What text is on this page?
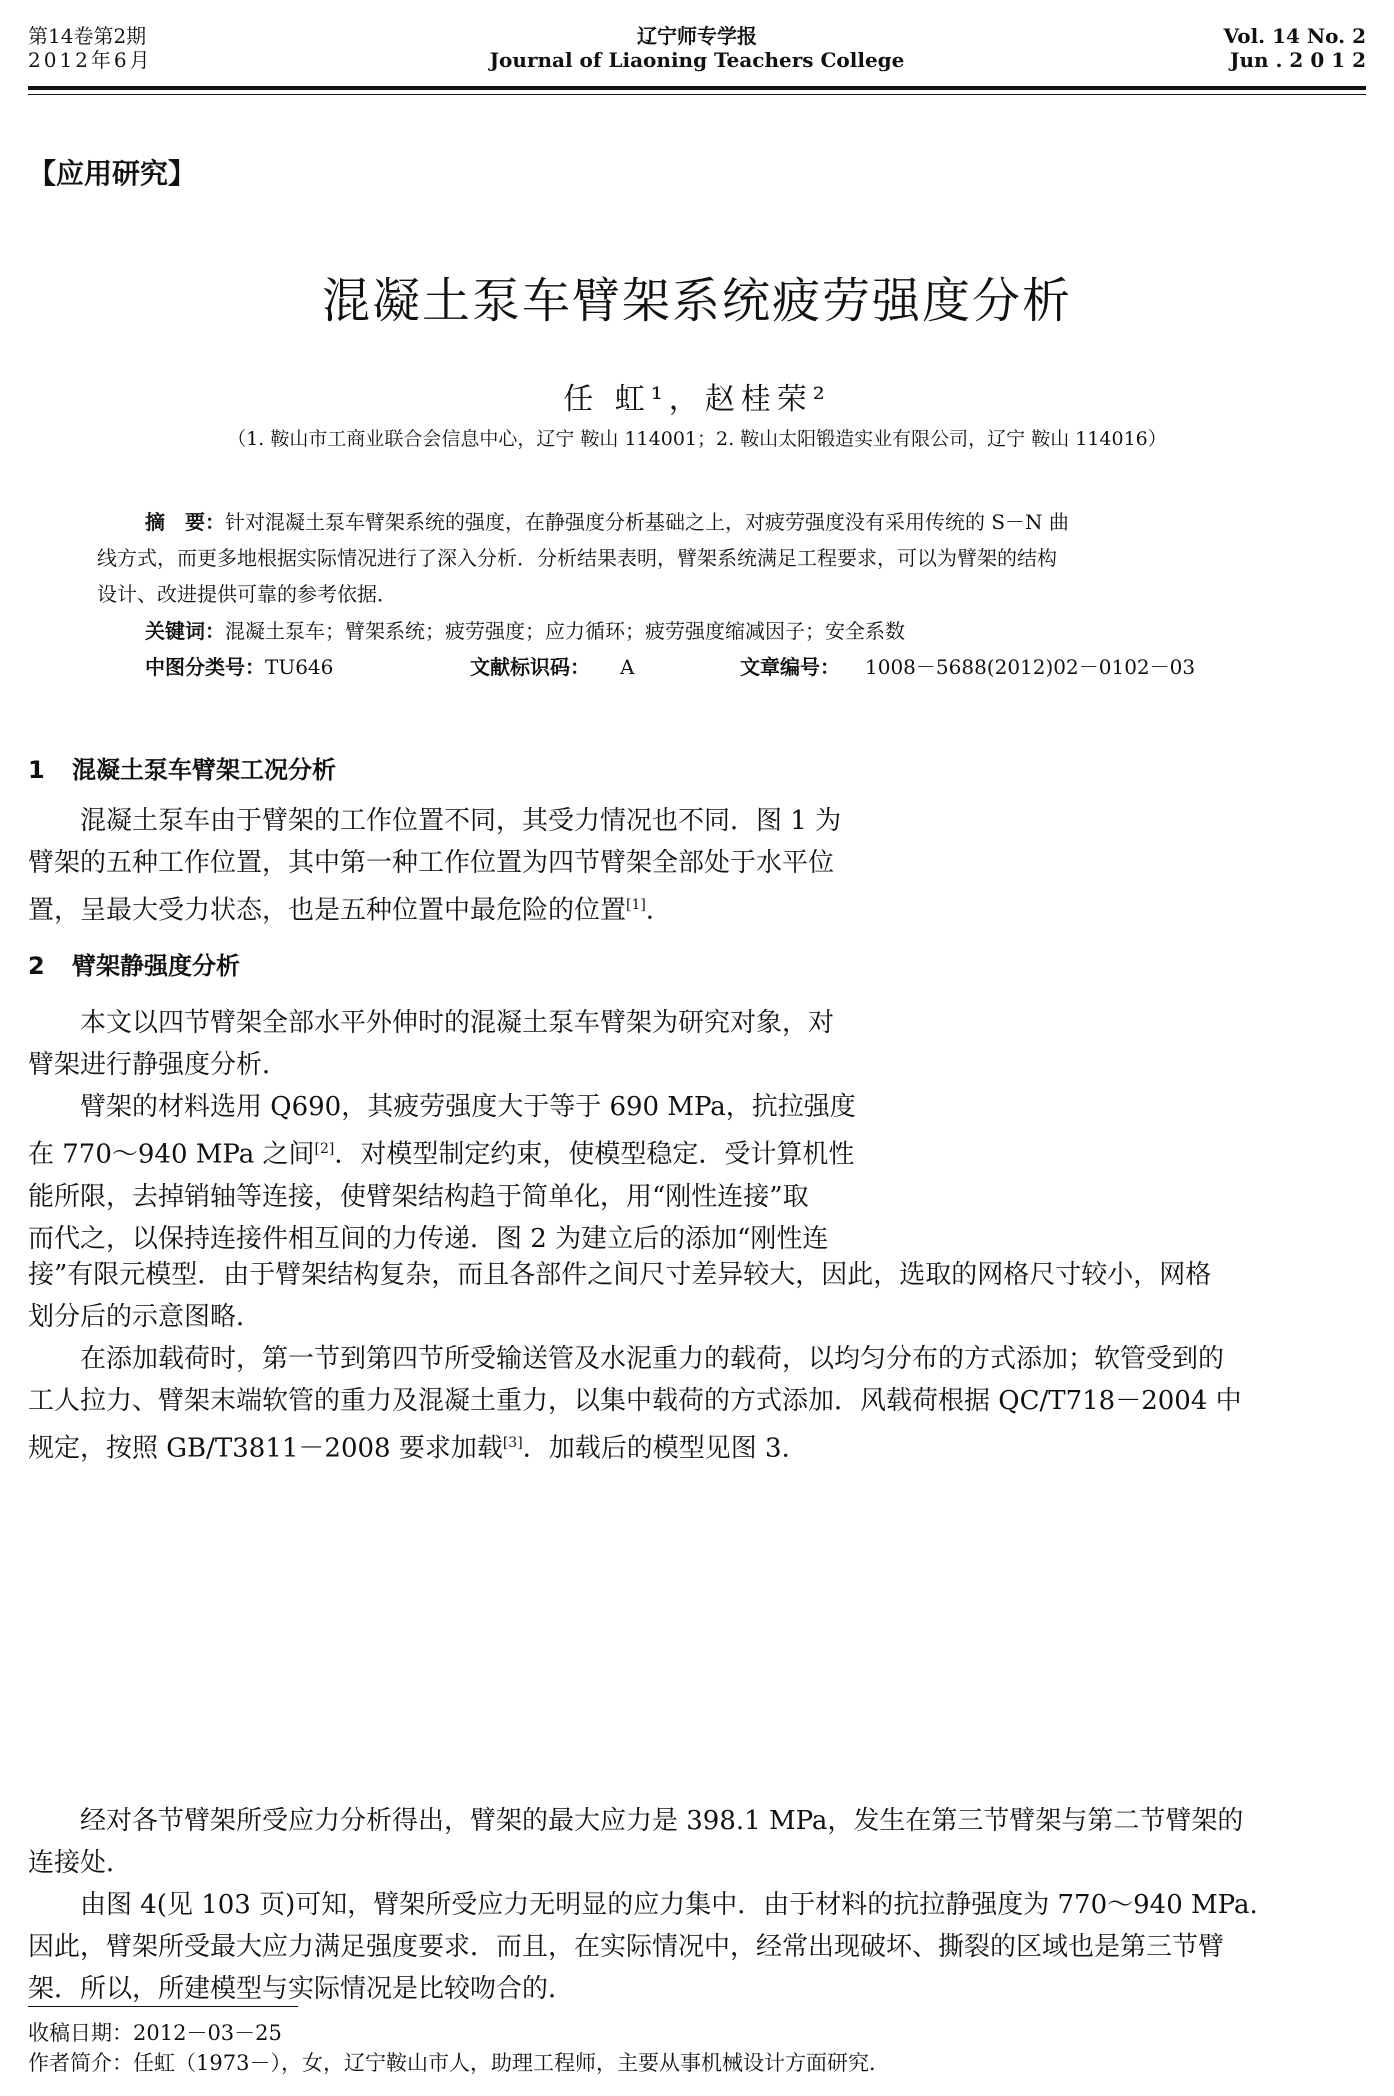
第14卷第2期
2012年6月
辽宁师专学报
Journal of Liaoning Teachers College
Vol. 14 No. 2
Jun . 2 0 1 2
【应用研究】
混凝土泵车臂架系统疲劳强度分析
任 虹¹，赵桂荣²
（1. 鞍山市工商业联合会信息中心，辽宁 鞍山 114001；2. 鞍山太阳锻造实业有限公司，辽宁 鞍山 114016）
摘　要：针对混凝土泵车臂架系统的强度，在静强度分析基础之上，对疲劳强度没有采用传统的 S－N 曲
线方式，而更多地根据实际情况进行了深入分析．分析结果表明，臂架系统满足工程要求，可以为臂架的结构
设计、改进提供可靠的参考依据．
关键词：混凝土泵车；臂架系统；疲劳强度；应力循环；疲劳强度缩减因子；安全系数
中图分类号：TU646	文献标识码： A	文章编号： 1008－5688(2012)02－0102－03
1 混凝土泵车臂架工况分析
混凝土泵车由于臂架的工作位置不同，其受力情况也不同．图 1 为
臂架的五种工作位置，其中第一种工作位置为四节臂架全部处于水平位
置，呈最大受力状态，也是五种位置中最危险的位置[1]．
2 臂架静强度分析
本文以四节臂架全部水平外伸时的混凝土泵车臂架为研究对象，对
臂架进行静强度分析．
臂架的材料选用 Q690，其疲劳强度大于等于 690 MPa，抗拉强度
在 770～940 MPa 之间[2]．对模型制定约束，使模型稳定．受计算机性
能所限，去掉销轴等连接，使臂架结构趋于简单化，用“刚性连接”取
而代之，以保持连接件相互间的力传递．图 2 为建立后的添加“刚性连
接”有限元模型．由于臂架结构复杂，而且各部件之间尺寸差异较大，因此，选取的网格尺寸较小，网格
划分后的示意图略．
在添加载荷时，第一节到第四节所受输送管及水泥重力的载荷，以均匀分布的方式添加；软管受到的
工人拉力、臂架末端软管的重力及混凝土重力，以集中载荷的方式添加．风载荷根据 QC/T718－2004 中
规定，按照 GB/T3811－2008 要求加载[3]．加载后的模型见图 3.
经对各节臂架所受应力分析得出，臂架的最大应力是 398.1 MPa，发生在第三节臂架与第二节臂架的
连接处．
由图 4(见 103 页)可知，臂架所受应力无明显的应力集中．由于材料的抗拉静强度为 770～940 MPa.
因此，臂架所受最大应力满足强度要求．而且，在实际情况中，经常出现破坏、撕裂的区域也是第三节臂
架．所以，所建模型与实际情况是比较吻合的．
收稿日期：2012－03－25
作者简介：任虹（1973－），女，辽宁鞍山市人，助理工程师，主要从事机械设计方面研究．
